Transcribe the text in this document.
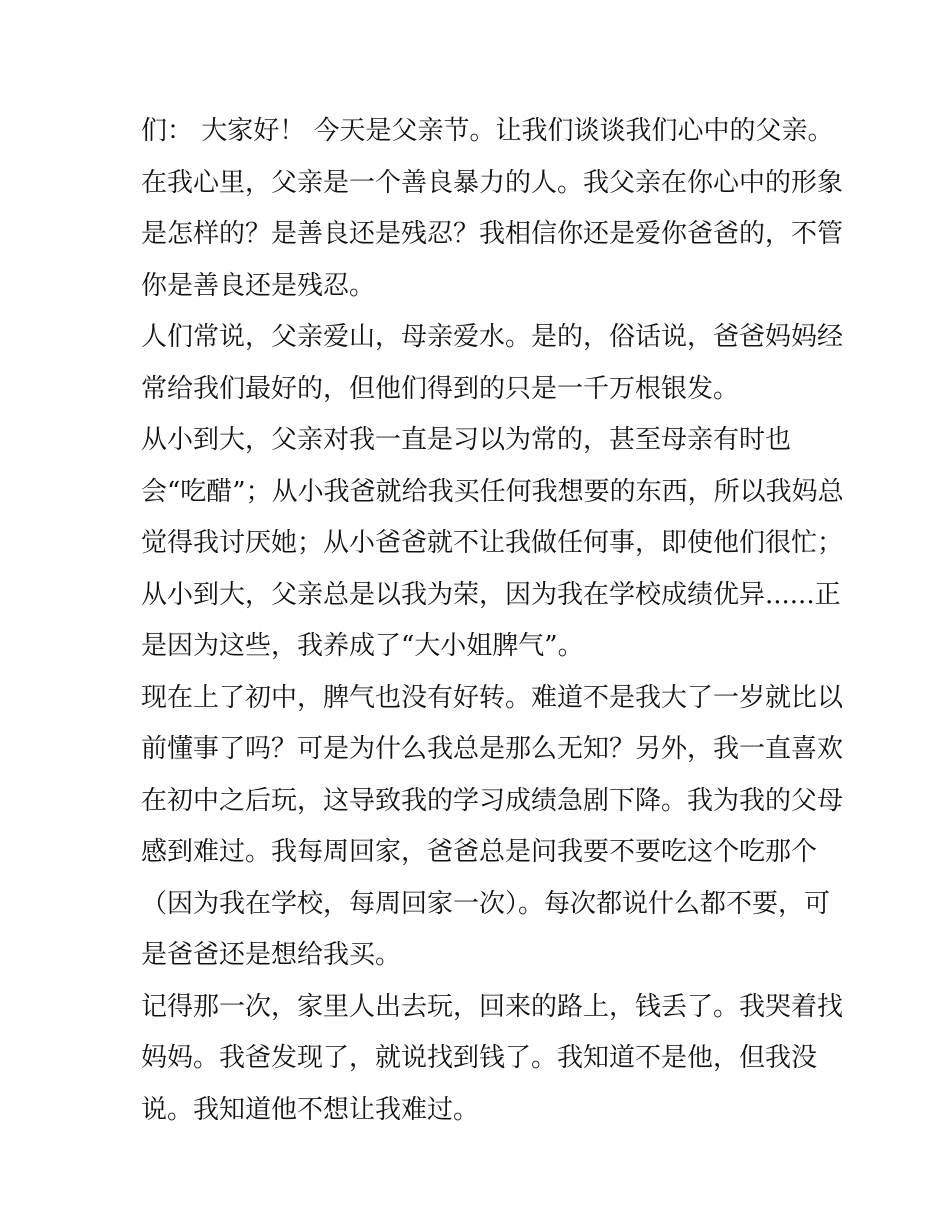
们： 大家好！ 今天是父亲节。让我们谈谈我们心中的父亲。
在我心里，父亲是一个善良暴力的人。我父亲在你心中的形象
是怎样的？是善良还是残忍？我相信你还是爱你爸爸的，不管
你是善良还是残忍。
人们常说，父亲爱山，母亲爱水。是的，俗话说，爸爸妈妈经
常给我们最好的，但他们得到的只是一千万根银发。
从小到大，父亲对我一直是习以为常的，甚至母亲有时也
会“吃醋”；从小我爸就给我买任何我想要的东西，所以我妈总
觉得我讨厌她；从小爸爸就不让我做任何事，即使他们很忙；
从小到大，父亲总是以我为荣，因为我在学校成绩优异......正
是因为这些，我养成了“大小姐脾气”。
现在上了初中，脾气也没有好转。难道不是我大了一岁就比以
前懂事了吗？可是为什么我总是那么无知？另外，我一直喜欢
在初中之后玩，这导致我的学习成绩急剧下降。我为我的父母
感到难过。我每周回家，爸爸总是问我要不要吃这个吃那个
（因为我在学校，每周回家一次）。每次都说什么都不要，可
是爸爸还是想给我买。
记得那一次，家里人出去玩，回来的路上，钱丢了。我哭着找
妈妈。我爸发现了，就说找到钱了。我知道不是他，但我没
说。我知道他不想让我难过。
